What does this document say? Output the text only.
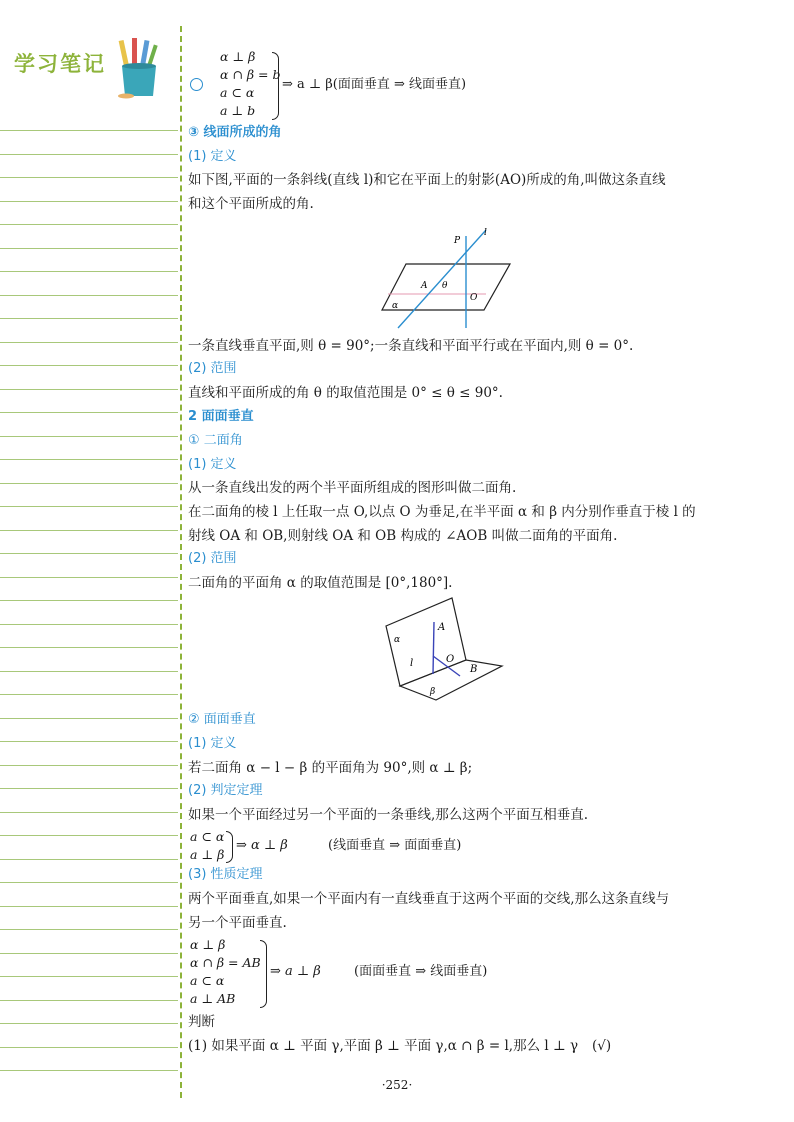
学习笔记	α ⊥ β
α ∩ β = b
a ⊂ α
a ⊥ b
⇒ a ⊥ β(面面垂直 ⇒ 线面垂直)
③ 线面所成的角
(1) 定义
如下图,平面的一条斜线(直线 l)和它在平面上的射影(AO)所成的角,叫做这条直线
和这个平面所成的角.
P
l
A θ
O
α
一条直线垂直平面,则 θ = 90°;一条直线和平面平行或在平面内,则 θ = 0°.
(2) 范围
直线和平面所成的角 θ 的取值范围是 0° ≤ θ ≤ 90°.
2 面面垂直
① 二面角
(1) 定义
从一条直线出发的两个半平面所组成的图形叫做二面角.
在二面角的棱 l 上任取一点 O,以点 O 为垂足,在半平面 α 和 β 内分别作垂直于棱 l 的
射线 OA 和 OB,则射线 OA 和 OB 构成的 ∠AOB 叫做二面角的平面角.
(2) 范围
二面角的平面角 α 的取值范围是 [0°,180°].
α
A
O
l
B
β
② 面面垂直
(1) 定义
若二面角 α − l − β 的平面角为 90°,则 α ⊥ β;
(2) 判定定理
如果一个平面经过另一个平面的一条垂线,那么这两个平面互相垂直.
a ⊂ α
a ⊥ β
⇒ α ⊥ β	(线面垂直 ⇒ 面面垂直)
(3) 性质定理
两个平面垂直,如果一个平面内有一直线垂直于这两个平面的交线,那么这条直线与
另一个平面垂直.
α ⊥ β
α ∩ β = AB
a ⊂ α
a ⊥ AB
⇒ a ⊥ β	(面面垂直 ⇒ 线面垂直)
判断
(1) 如果平面 α ⊥ 平面 γ,平面 β ⊥ 平面 γ,α ∩ β = l,那么 l ⊥ γ (√)
·252·
